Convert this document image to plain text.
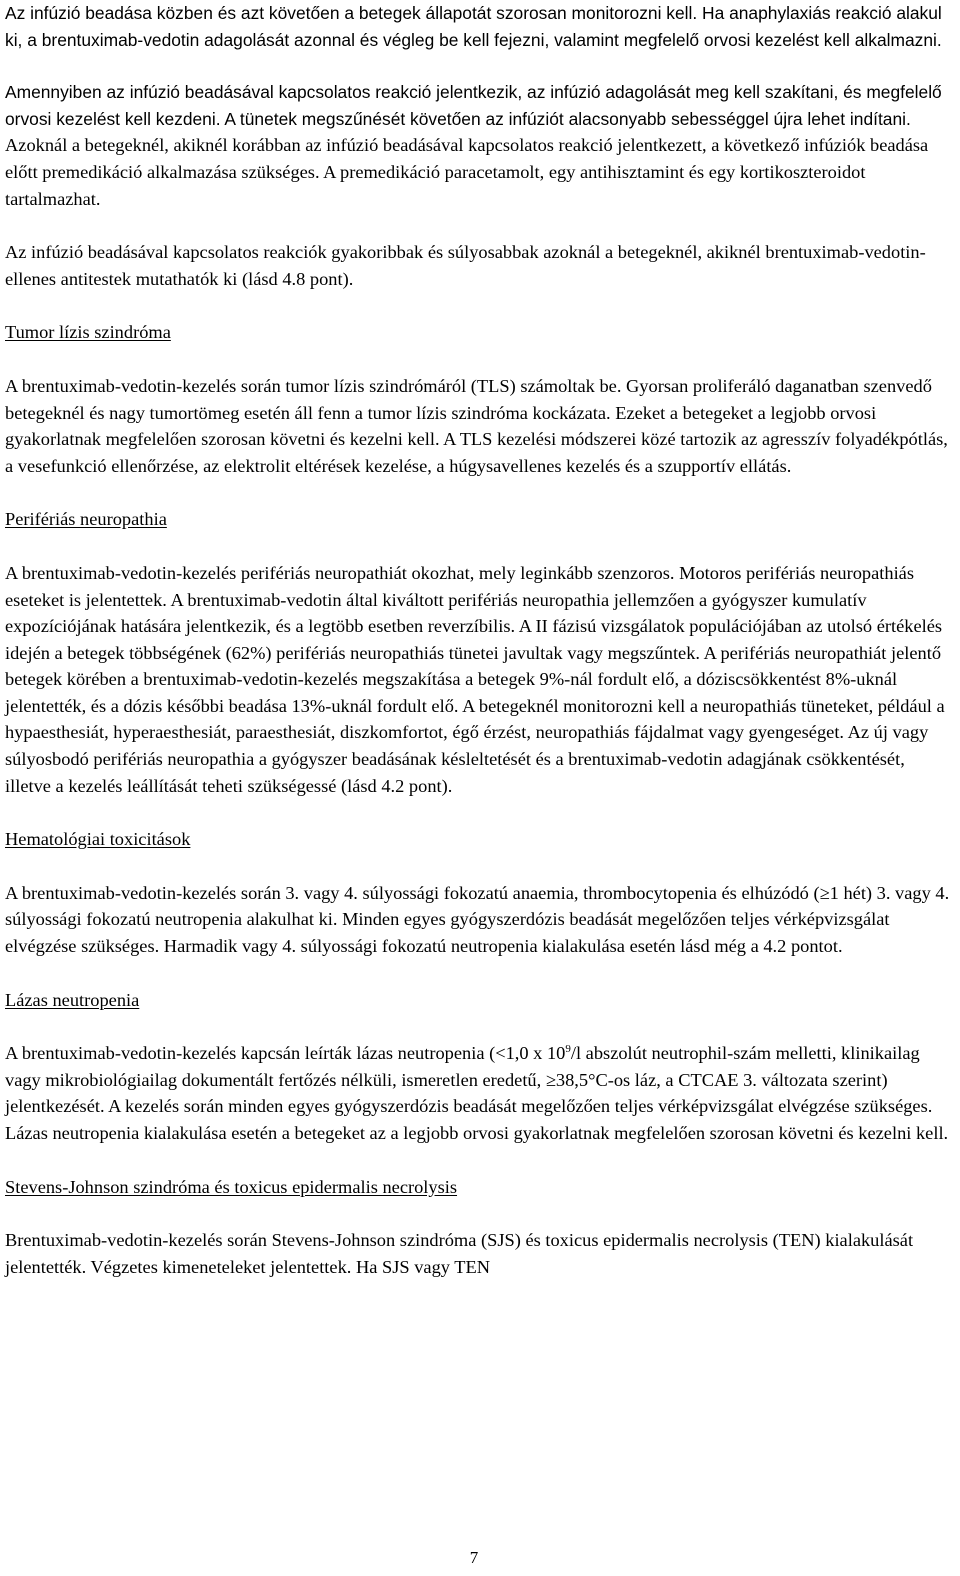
Az infúzió beadása közben és azt követően a betegek állapotát szorosan monitorozni kell. Ha anaphylaxiás reakció alakul ki, a brentuximab-vedotin adagolását azonnal és végleg be kell fejezni, valamint megfelelő orvosi kezelést kell alkalmazni.

Amennyiben az infúzió beadásával kapcsolatos reakció jelentkezik, az infúzió adagolását meg kell szakítani, és megfelelő orvosi kezelést kell kezdeni. A tünetek megszűnését követően az infúziót alacsonyabb sebességgel újra lehet indítani. Azoknál a betegeknél, akiknél korábban az infúzió beadásával kapcsolatos reakció jelentkezett, a következő infúziók beadása előtt premedikáció alkalmazása szükséges. A premedikáció paracetamolt, egy antihisztamint és egy kortikoszteroidot tartalmazhat.

Az infúzió beadásával kapcsolatos reakciók gyakoribbak és súlyosabbak azoknál a betegeknél, akiknél brentuximab-vedotin-ellenes antitestek mutathatók ki (lásd 4.8 pont).

Tumor lízis szindróma

A brentuximab-vedotin-kezelés során tumor lízis szindrómáról (TLS) számoltak be. Gyorsan proliferáló daganatban szenvedő betegeknél és nagy tumortömeg esetén áll fenn a tumor lízis szindróma kockázata. Ezeket a betegeket a legjobb orvosi gyakorlatnak megfelelően szorosan követni és kezelni kell. A TLS kezelési módszerei közé tartozik az agresszív folyadékpótlás, a vesefunkció ellenőrzése, az elektrolit eltérések kezelése, a húgysavellenes kezelés és a szupportív ellátás.

Perifériás neuropathia

A brentuximab-vedotin-kezelés perifériás neuropathiát okozhat, mely leginkább szenzoros. Motoros perifériás neuropathiás eseteket is jelentettek. A brentuximab-vedotin által kiváltott perifériás neuropathia jellemzően a gyógyszer kumulatív expozíciójának hatására jelentkezik, és a legtöbb esetben reverzíbilis. A II fázisú vizsgálatok populációjában az utolsó értékelés idején a betegek többségének (62%) perifériás neuropathiás tünetei javultak vagy megszűntek. A perifériás neuropathiát jelentő betegek körében a brentuximab-vedotin-kezelés megszakítása a betegek 9%-nál fordult elő, a dóziscsökkentést 8%-uknál jelentették, és a dózis későbbi beadása 13%-uknál fordult elő. A betegeknél monitorozni kell a neuropathiás tüneteket, például a hypaesthesiát, hyperaesthesiát, paraesthesiát, diszkomfortot, égő érzést, neuropathiás fájdalmat vagy gyengeséget. Az új vagy súlyosbodó perifériás neuropathia a gyógyszer beadásának késleltetését és a brentuximab-vedotin adagjának csökkentését, illetve a kezelés leállítását teheti szükségessé (lásd 4.2 pont).

Hematológiai toxicitások

A brentuximab-vedotin-kezelés során 3. vagy 4. súlyossági fokozatú anaemia, thrombocytopenia és elhúzódó (≥1 hét) 3. vagy 4. súlyossági fokozatú neutropenia alakulhat ki. Minden egyes gyógyszerdózis beadását megelőzően teljes vérképvizsgálat elvégzése szükséges. Harmadik vagy 4. súlyossági fokozatú neutropenia kialakulása esetén lásd még a 4.2 pontot.

Lázas neutropenia

A brentuximab-vedotin-kezelés kapcsán leírták lázas neutropenia (<1,0 x $10^9/l$ abszolút neutrophil-szám melletti, klinikailag vagy mikrobiológiailag dokumentált fertőzés nélküli, ismeretlen eredetű, ≥38,5°C-os láz, a CTCAE 3. változata szerint) jelentkezését. A kezelés során minden egyes gyógyszerdózis beadását megelőzően teljes vérképvizsgálat elvégzése szükséges. Lázas neutropenia kialakulása esetén a betegeket az a legjobb orvosi gyakorlatnak megfelelően szorosan követni és kezelni kell.

Stevens-Johnson szindróma és toxicus epidermalis necrolysis

Brentuximab-vedotin-kezelés során Stevens-Johnson szindróma (SJS) és toxicus epidermalis necrolysis (TEN) kialakulását jelentették. Végzetes kimeneteleket jelentettek. Ha SJS vagy TEN

7
